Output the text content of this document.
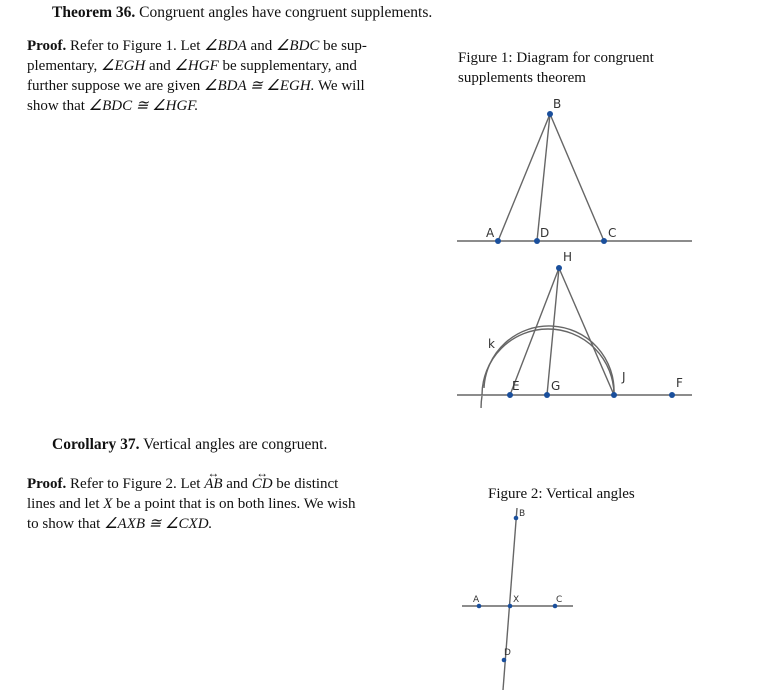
Theorem 36. Congruent angles have congruent supplements.

Proof. Refer to Figure 1. Let ∠BDA and ∠BDC be sup-

plementary, ∠EGH and ∠HGF be supplementary, and

further suppose we are given ∠BDA ≅ ∠EGH. We will

show that ∠BDC ≅ ∠HGF.

Figure 1: Diagram for congruent
supplements theorem
B
A	D	C
H
k
E	G
J	F
Corollary 37. Vertical angles are congruent.

Proof. Refer to Figure 2. Let ↔ AB and ↔ CD be distinct

lines and let X be a point that is on both lines. We wish

to show that ∠AXB ≅ ∠CXD.

Figure 2: Vertical angles
B
A	X	C
D
